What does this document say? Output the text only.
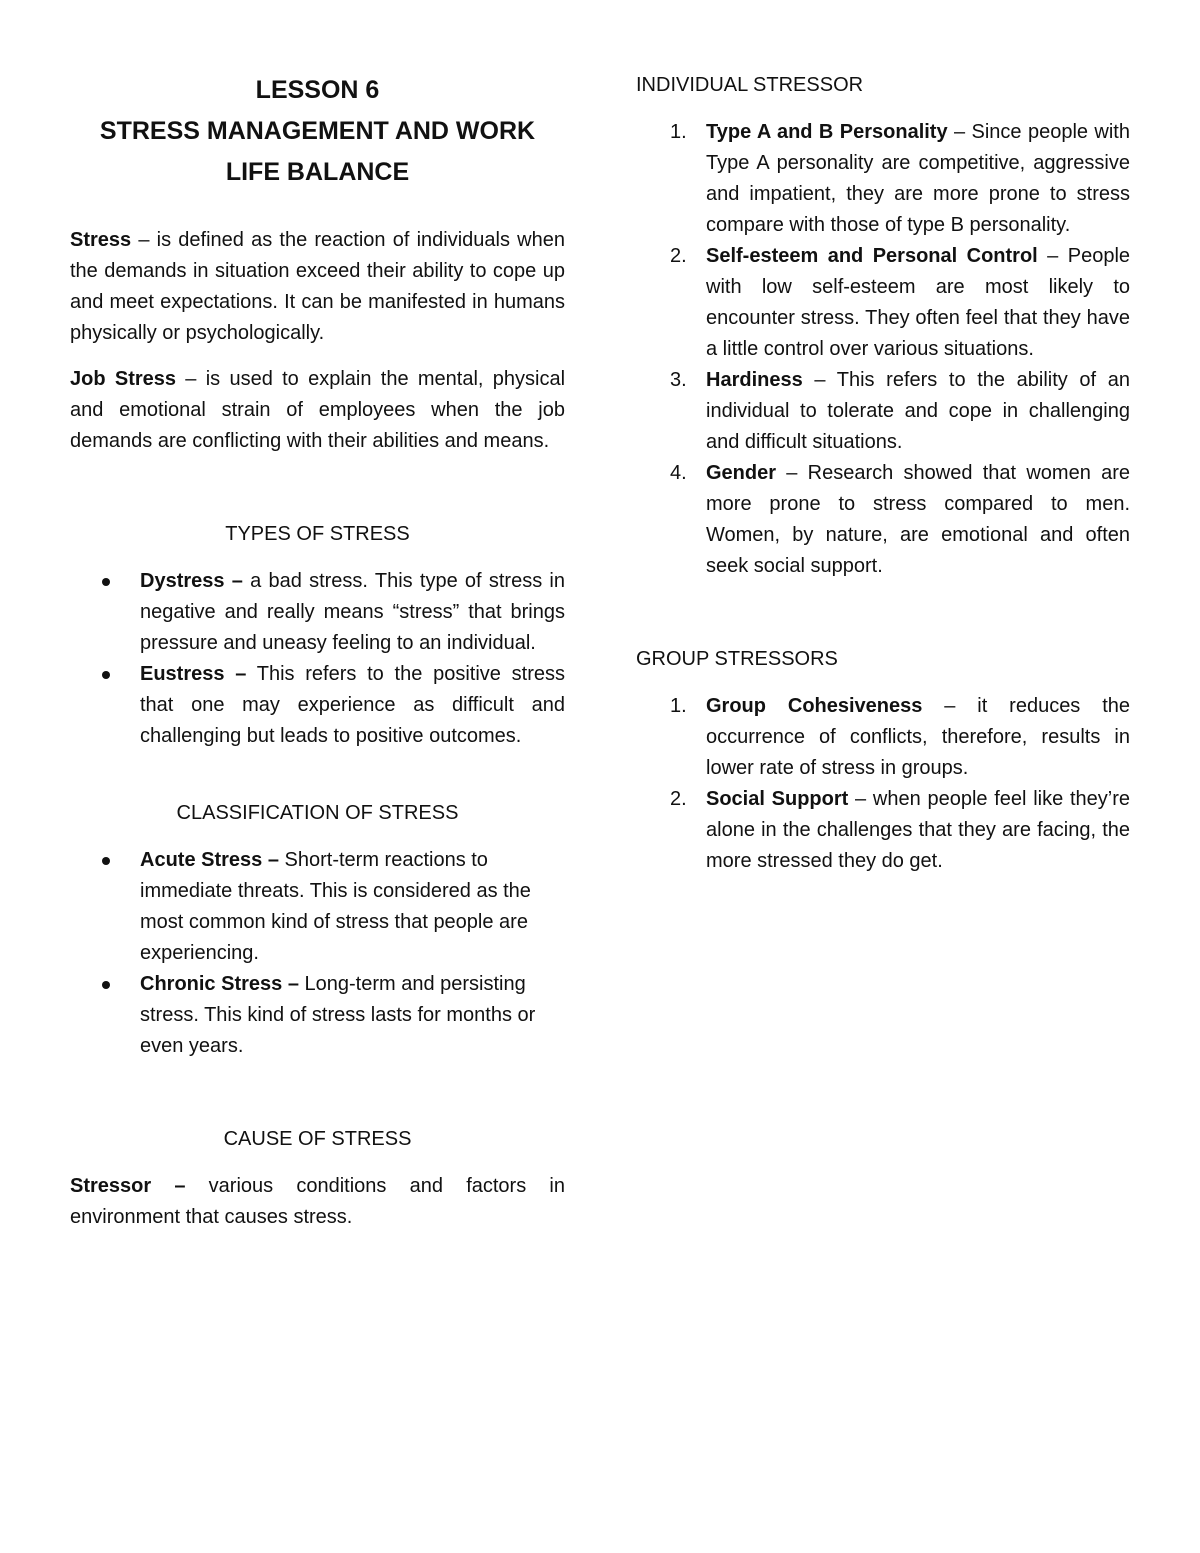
LESSON 6
STRESS MANAGEMENT AND WORK
LIFE BALANCE

Stress – is defined as the reaction of individuals when the demands in situation exceed their ability to cope up and meet expectations. It can be manifested in humans physically or psychologically.

Job Stress – is used to explain the mental, physical and emotional strain of employees when the job demands are conflicting with their abilities and means.

TYPES OF STRESS

Dystress – a bad stress. This type of stress in negative and really means “stress” that brings pressure and uneasy feeling to an individual.
Eustress – This refers to the positive stress that one may experience as difficult and challenging but leads to positive outcomes.

CLASSIFICATION OF STRESS

Acute Stress – Short-term reactions to immediate threats. This is considered as the most common kind of stress that people are experiencing.
Chronic Stress – Long-term and persisting stress. This kind of stress lasts for months or even years.

CAUSE OF STRESS

Stressor – various conditions and factors in environment that causes stress.

INDIVIDUAL STRESSOR

1. Type A and B Personality – Since people with Type A personality are competitive, aggressive and impatient, they are more prone to stress compare with those of type B personality.
2. Self-esteem and Personal Control – People with low self-esteem are most likely to encounter stress. They often feel that they have a little control over various situations.
3. Hardiness – This refers to the ability of an individual to tolerate and cope in challenging and difficult situations.
4. Gender – Research showed that women are more prone to stress compared to men. Women, by nature, are emotional and often seek social support.

GROUP STRESSORS

1. Group Cohesiveness – it reduces the occurrence of conflicts, therefore, results in lower rate of stress in groups.
2. Social Support – when people feel like they’re alone in the challenges that they are facing, the more stressed they do get.
